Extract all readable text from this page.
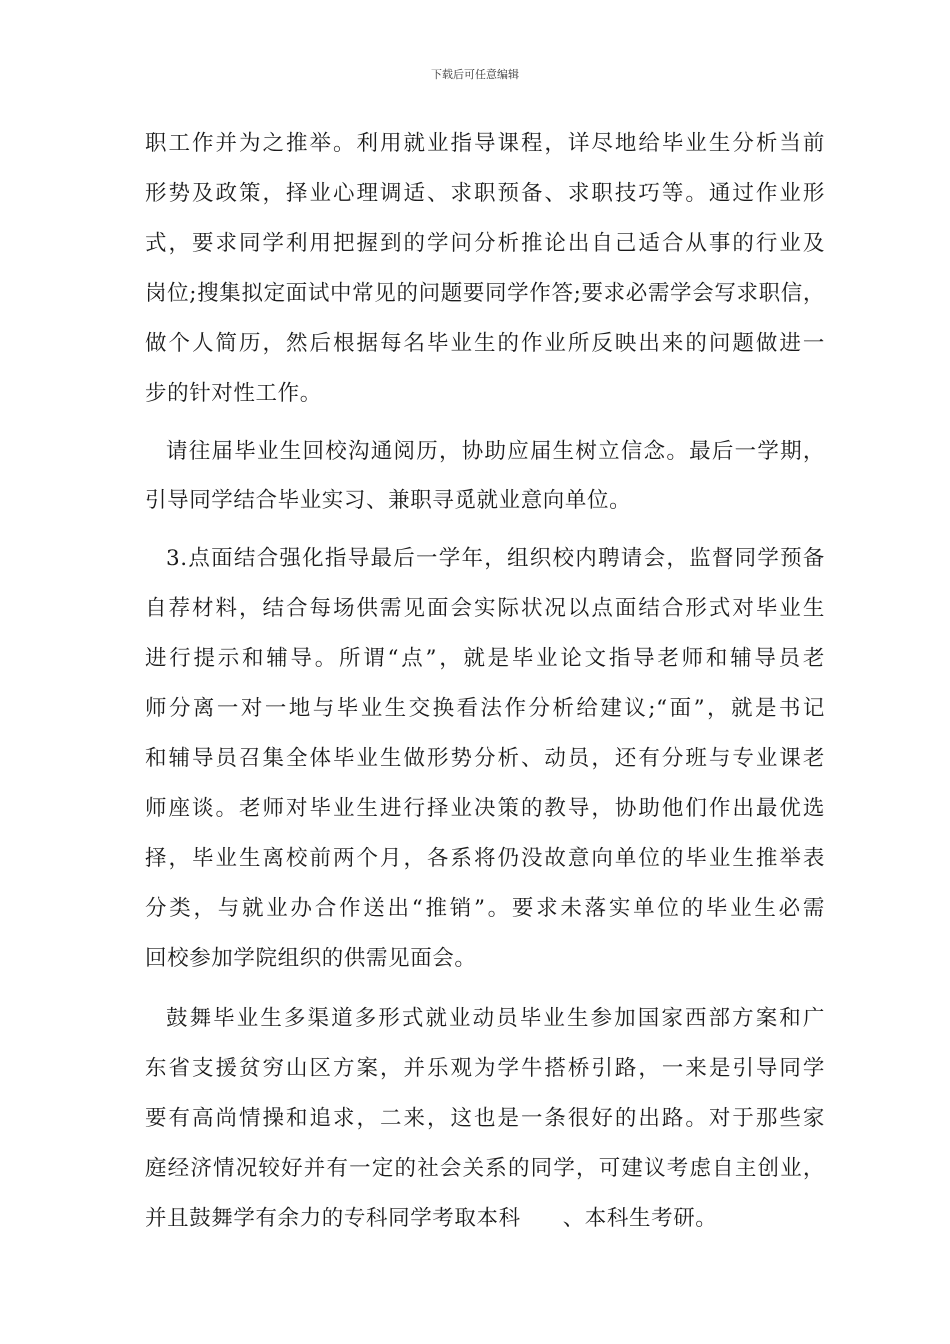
下载后可任意编辑
职工作并为之推举。利用就业指导课程，详尽地给毕业生分析当前
形势及政策，择业心理调适、求职预备、求职技巧等。通过作业形
式，要求同学利用把握到的学问分析推论出自己适合从事的行业及
岗位;搜集拟定面试中常见的问题要同学作答;要求必需学会写求职信，
做个人简历，然后根据每名毕业生的作业所反映出来的问题做进一
步的针对性工作。
请往届毕业生回校沟通阅历，协助应届生树立信念。最后一学期，
引导同学结合毕业实习、兼职寻觅就业意向单位。
3.点面结合强化指导最后一学年，组织校内聘请会，监督同学预备
自荐材料，结合每场供需见面会实际状况以点面结合形式对毕业生
进行提示和辅导。所谓“点”，就是毕业论文指导老师和辅导员老
师分离一对一地与毕业生交换看法作分析给建议;“面”，就是书记
和辅导员召集全体毕业生做形势分析、动员，还有分班与专业课老
师座谈。老师对毕业生进行择业决策的教导，协助他们作出最优选
择，毕业生离校前两个月，各系将仍没故意向单位的毕业生推举表
分类，与就业办合作送出“推销”。要求未落实单位的毕业生必需
回校参加学院组织的供需见面会。
鼓舞毕业生多渠道多形式就业动员毕业生参加国家西部方案和广
东省支援贫穷山区方案，并乐观为学牛搭桥引路，一来是引导同学
要有高尚情操和追求，二来，这也是一条很好的出路。对于那些家
庭经济情况较好并有一定的社会关系的同学，可建议考虑自主创业，
并且鼓舞学有余力的专科同学考取本科 、本科生考研。
